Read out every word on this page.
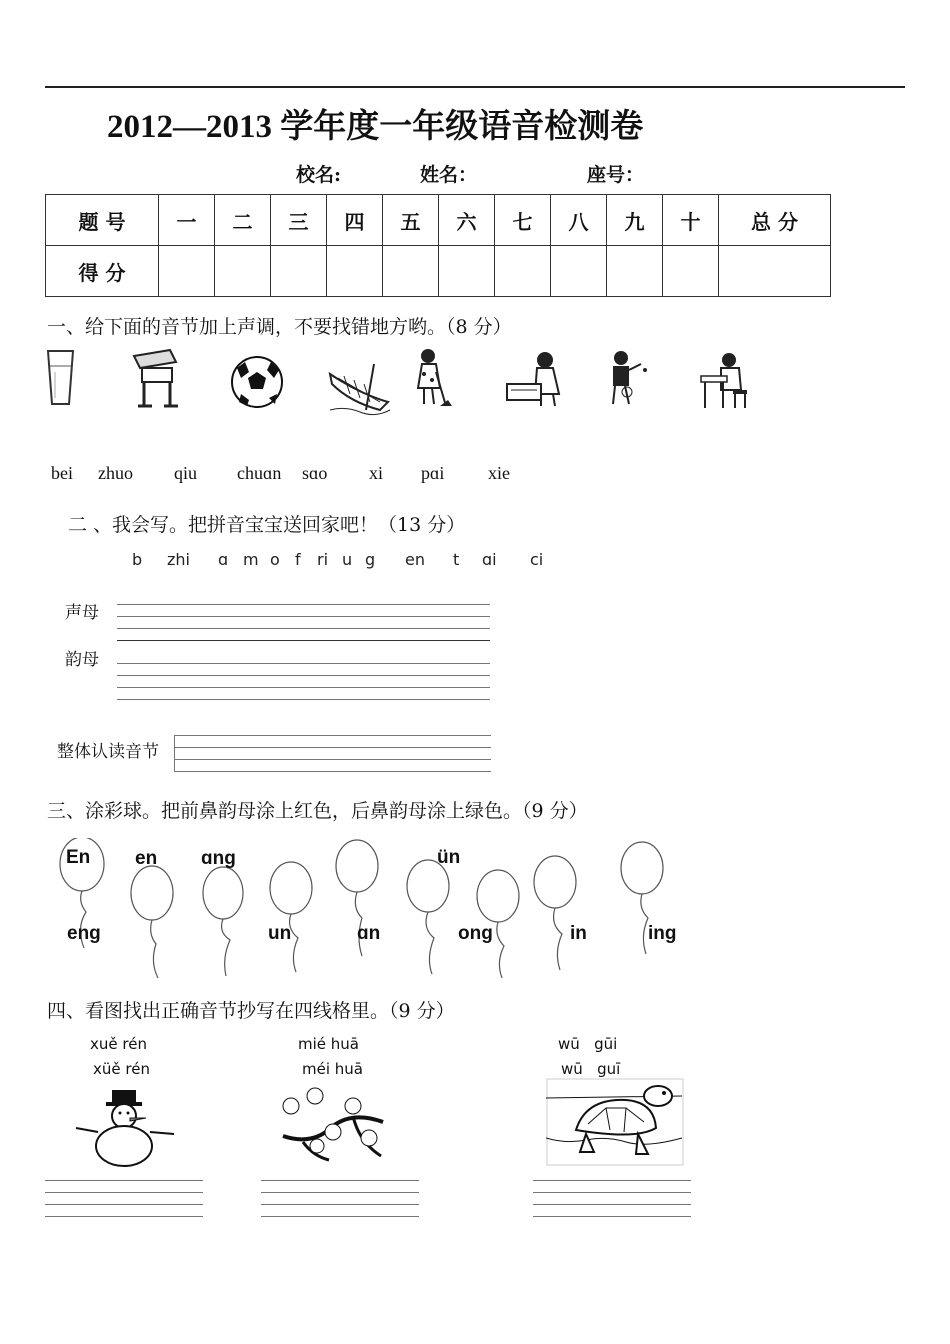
2012—2013 学年度一年级语音检测卷
校名:	姓名：	座号：
题 号	一	二	三	四	五	六	七	八	九	十	总 分
得 分											
一、给下面的音节加上声调，不要找错地方哟。（8 分）
bei zhuo qiu chuɑn sɑo xi pɑi xie
二 、我会写。把拼音宝宝送回家吧！（13 分）
b zhi ɑ m o f ri u g en t ɑi ci
声母
韵母
整体认读音节
三、涂彩球。把前鼻韵母涂上红色，后鼻韵母涂上绿色。（9 分）
En en ɑng	ün
eng	un	ɑn	ong	in	ing
四、看图找出正确音节抄写在四线格里。（9 分）
xuě rén
xüě rén
mié huā
méi huā
wū   gūi
wū   guī
